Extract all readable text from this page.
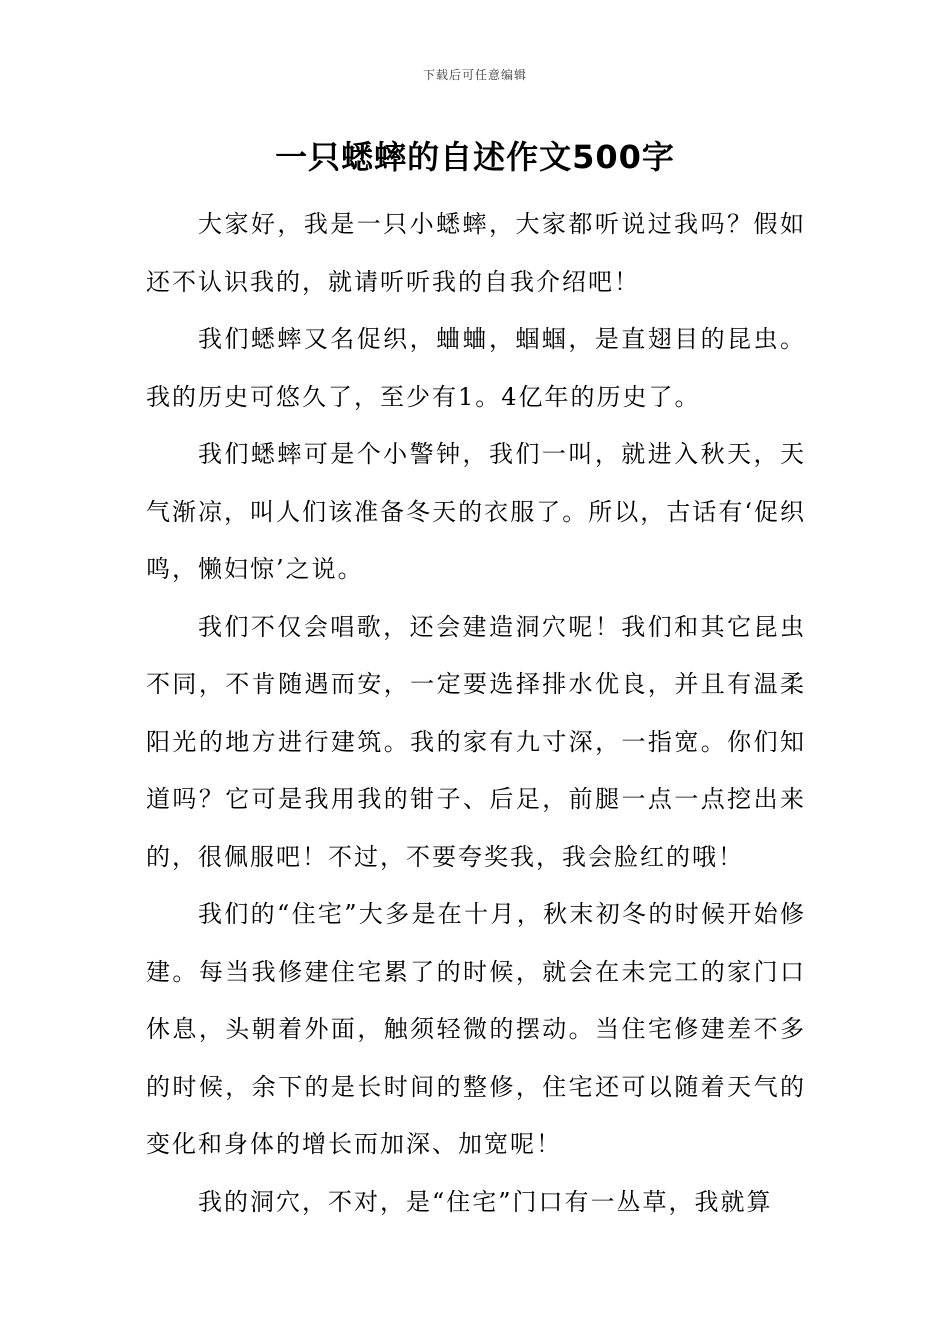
下载后可任意编辑
一只蟋蟀的自述作文500字

大家好，我是一只小蟋蟀，大家都听说过我吗？假如还不认识我的，就请听听我的自我介绍吧！

我们蟋蟀又名促织，蛐蛐，蝈蝈，是直翅目的昆虫。我的历史可悠久了，至少有1。4亿年的历史了。

我们蟋蟀可是个小警钟，我们一叫，就进入秋天，天气渐凉，叫人们该准备冬天的衣服了。所以，古话有‘促织鸣，懒妇惊’之说。

我们不仅会唱歌，还会建造洞穴呢！我们和其它昆虫不同，不肯随遇而安，一定要选择排水优良，并且有温柔阳光的地方进行建筑。我的家有九寸深，一指宽。你们知道吗？它可是我用我的钳子、后足，前腿一点一点挖出来的，很佩服吧！不过，不要夸奖我，我会脸红的哦！

我们的“住宅”大多是在十月，秋末初冬的时候开始修建。每当我修建住宅累了的时候，就会在未完工的家门口休息，头朝着外面，触须轻微的摆动。当住宅修建差不多的时候，余下的是长时间的整修，住宅还可以随着天气的变化和身体的增长而加深、加宽呢！

我的洞穴，不对，是“住宅”门口有一丛草，我就算
